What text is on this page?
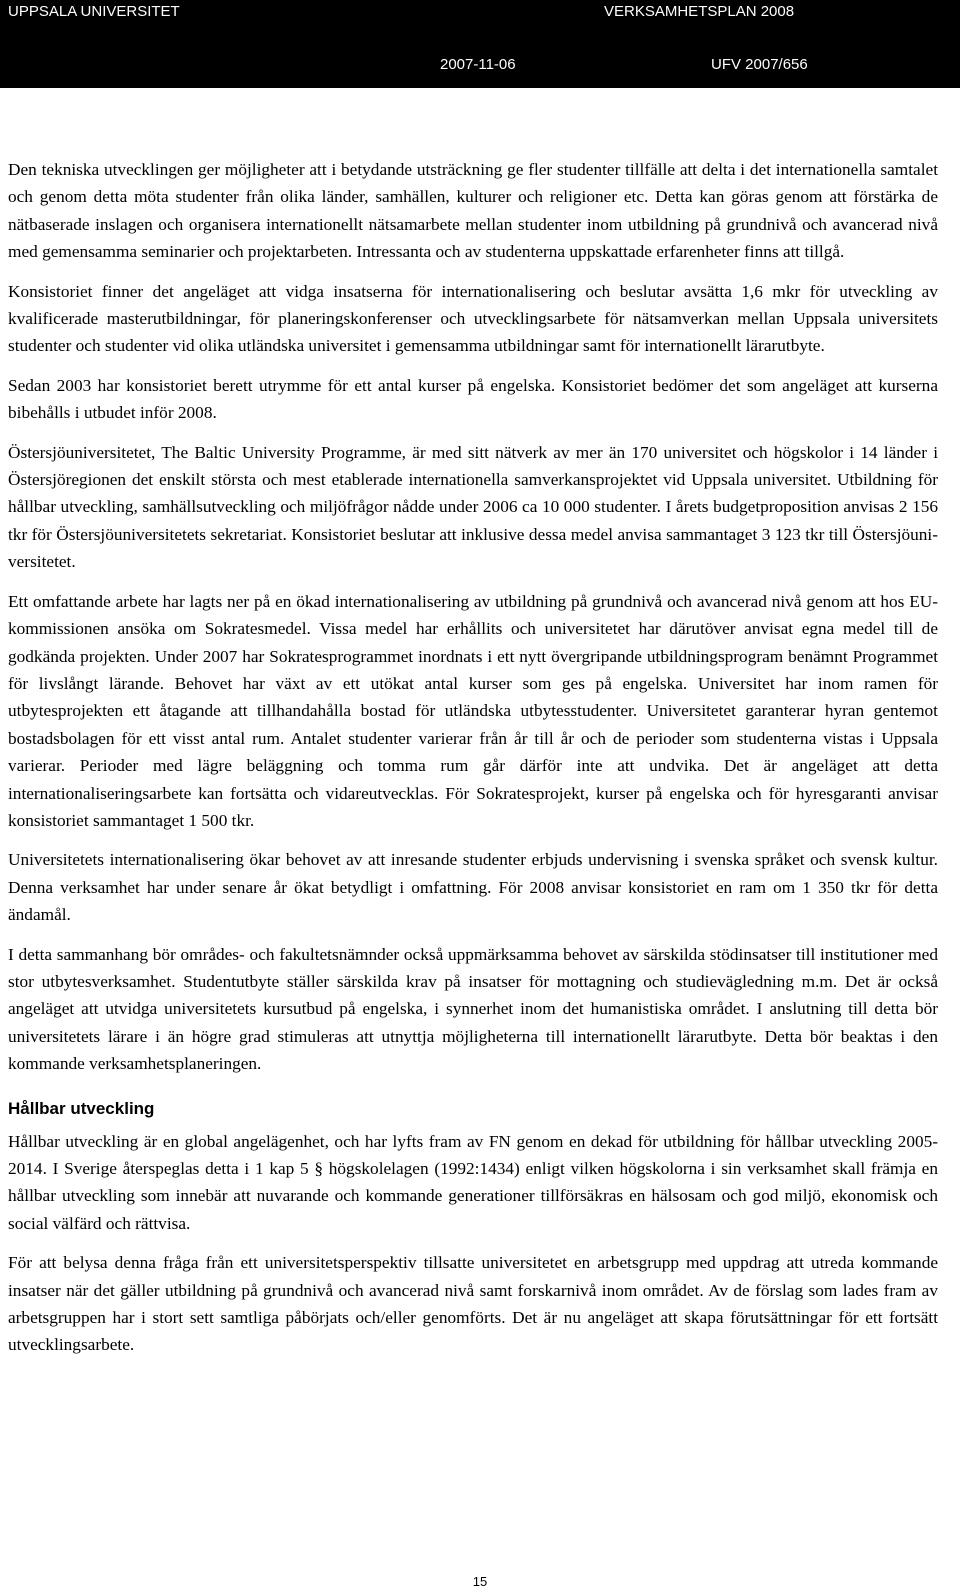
UPPSALA UNIVERSITET	VERKSAMHETSPLAN 2008
2007-11-06	UFV 2007/656

Den tekniska utvecklingen ger möjligheter att i betydande utsträckning ge fler studenter tillfälle att delta i det internationella samtalet och genom detta möta studenter från olika länder, samhällen, kulturer och religioner etc. Detta kan göras genom att förstärka de nätbaserade inslagen och organisera internationellt nätsamarbete mellan studenter inom utbildning på grundnivå och avancerad nivå med gemensamma seminarier och projektarbeten. Intressanta och av studenterna uppskattade erfarenheter finns att tillgå.

Konsistoriet finner det angeläget att vidga insatserna för internationalisering och beslutar avsätta 1,6 mkr för utveckling av kvalificerade masterutbildningar, för planeringskonferenser och utvecklingsarbete för nätsamverkan mellan Uppsala universitets studenter och studenter vid olika utländska universitet i gemensamma utbildningar samt för internationellt lärarutbyte.

Sedan 2003 har konsistoriet berett utrymme för ett antal kurser på engelska. Konsistoriet bedömer det som angeläget att kurserna bibehålls i utbudet inför 2008.

Östersjöuniversitetet, The Baltic University Programme, är med sitt nätverk av mer än 170 universitet och högskolor i 14 länder i Östersjöregionen det enskilt största och mest etablerade internationella samverkansprojektet vid Uppsala universitet. Utbildning för hållbar utveckling, samhällsutveckling och miljöfrågor nådde under 2006 ca 10 000 studenter. I årets budgetproposition anvisas 2 156 tkr för Östersjöuniversitetets sekretariat. Konsistoriet beslutar att inklusive dessa medel anvisa sammantaget 3 123 tkr till Östersjöuniversitetet.

Ett omfattande arbete har lagts ner på en ökad internationalisering av utbildning på grundnivå och avancerad nivå genom att hos EU-kommissionen ansöka om Sokratesmedel. Vissa medel har erhållits och universitetet har därutöver anvisat egna medel till de godkända projekten. Under 2007 har Sokratesprogrammet inordnats i ett nytt övergripande utbildningsprogram benämnt Programmet för livslångt lärande. Behovet har växt av ett utökat antal kurser som ges på engelska. Universitet har inom ramen för utbytesprojekten ett åtagande att tillhandahålla bostad för utländska utbytesstudenter. Universitetet garanterar hyran gentemot bostadsbolagen för ett visst antal rum. Antalet studenter varierar från år till år och de perioder som studenterna vistas i Uppsala varierar. Perioder med lägre beläggning och tomma rum går därför inte att undvika. Det är angeläget att detta internationaliseringsarbete kan fortsätta och vidareutvecklas. För Sokratesprojekt, kurser på engelska och för hyresgaranti anvisar konsistoriet sammantaget 1 500 tkr.

Universitetets internationalisering ökar behovet av att inresande studenter erbjuds undervisning i svenska språket och svensk kultur. Denna verksamhet har under senare år ökat betydligt i omfattning. För 2008 anvisar konsistoriet en ram om 1 350 tkr för detta ändamål.

I detta sammanhang bör områdes- och fakultetsnämnder också uppmärksamma behovet av särskilda stödinsatser till institutioner med stor utbytesverksamhet. Studentutbyte ställer särskilda krav på insatser för mottagning och studievägledning m.m. Det är också angeläget att utvidga universitetets kursutbud på engelska, i synnerhet inom det humanistiska området. I anslutning till detta bör universitetets lärare i än högre grad stimuleras att utnyttja möjligheterna till internationellt lärarutbyte. Detta bör beaktas i den kommande verksamhetsplaneringen.

Hållbar utveckling

Hållbar utveckling är en global angelägenhet, och har lyfts fram av FN genom en dekad för utbildning för hållbar utveckling 2005-2014. I Sverige återspeglas detta i 1 kap 5 § högskolelagen (1992:1434) enligt vilken högskolorna i sin verksamhet skall främja en hållbar utveckling som innebär att nuvarande och kommande generationer tillförsäkras en hälsosam och god miljö, ekonomisk och social välfärd och rättvisa.

För att belysa denna fråga från ett universitetsperspektiv tillsatte universitetet en arbetsgrupp med uppdrag att utreda kommande insatser när det gäller utbildning på grundnivå och avancerad nivå samt forskarnivå inom området. Av de förslag som lades fram av arbetsgruppen har i stort sett samtliga påbörjats och/eller genomförts. Det är nu angeläget att skapa förutsättningar för ett fortsätt utvecklingsarbete.

15
